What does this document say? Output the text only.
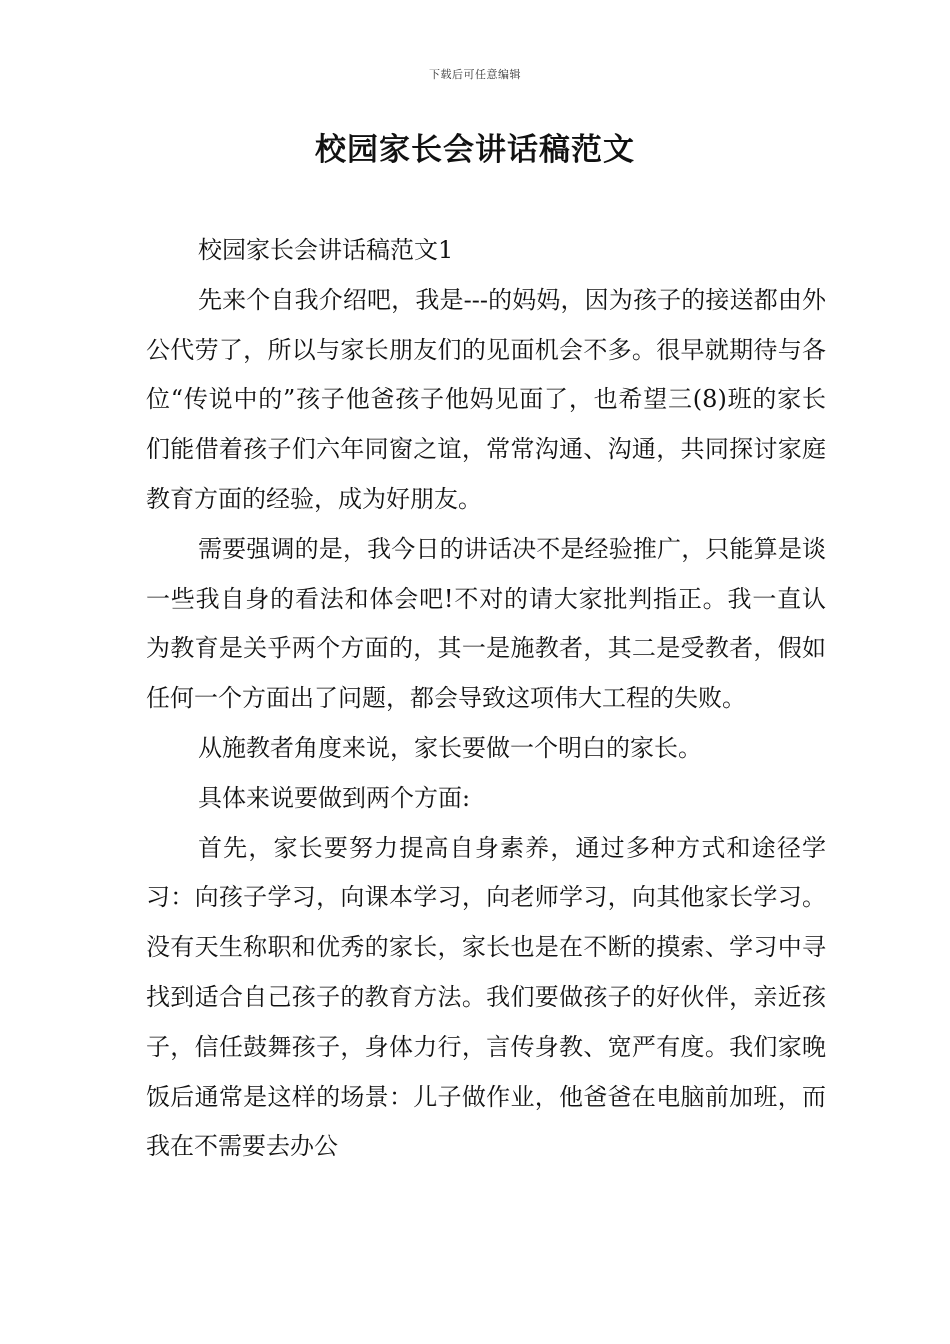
下载后可任意编辑
校园家长会讲话稿范文

校园家长会讲话稿范文1

先来个自我介绍吧，我是---的妈妈，因为孩子的接送都由外公代劳了，所以与家长朋友们的见面机会不多。很早就期待与各位“传说中的”孩子他爸孩子他妈见面了，也希望三(8)班的家长们能借着孩子们六年同窗之谊，常常沟通、沟通，共同探讨家庭教育方面的经验，成为好朋友。

需要强调的是，我今日的讲话决不是经验推广，只能算是谈一些我自身的看法和体会吧!不对的请大家批判指正。我一直认为教育是关乎两个方面的，其一是施教者，其二是受教者，假如任何一个方面出了问题，都会导致这项伟大工程的失败。

从施教者角度来说，家长要做一个明白的家长。

具体来说要做到两个方面:

首先，家长要努力提高自身素养，通过多种方式和途径学习：向孩子学习，向课本学习，向老师学习，向其他家长学习。没有天生称职和优秀的家长，家长也是在不断的摸索、学习中寻找到适合自己孩子的教育方法。我们要做孩子的好伙伴，亲近孩子，信任鼓舞孩子，身体力行，言传身教、宽严有度。我们家晚饭后通常是这样的场景：儿子做作业，他爸爸在电脑前加班，而我在不需要去办公
